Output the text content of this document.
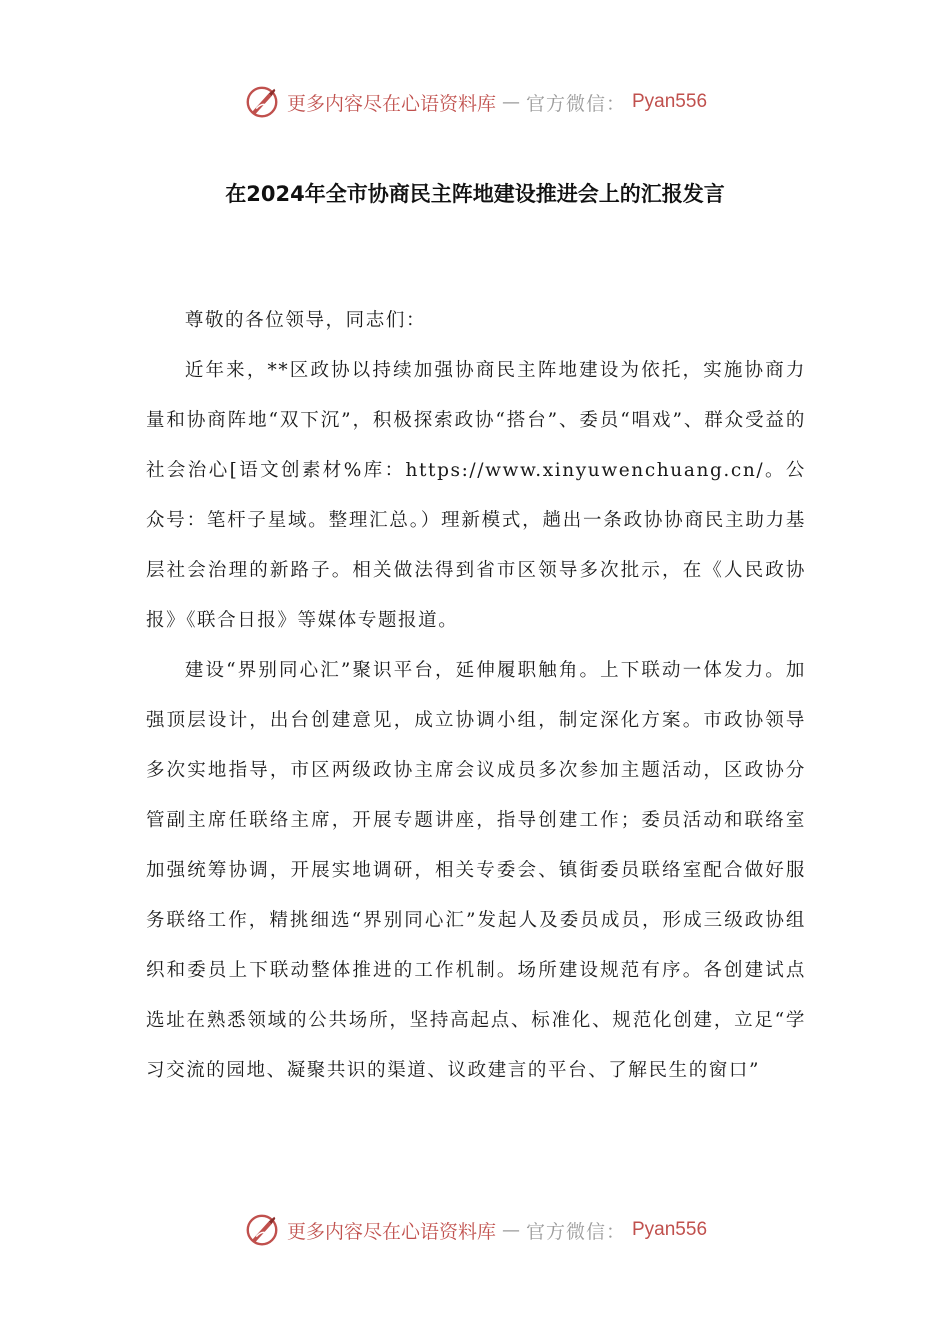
更多内容尽在心语资料库 — 官方微信： Pyan556
在2024年全市协商民主阵地建设推进会上的汇报发言

尊敬的各位领导，同志们：

近年来，**区政协以持续加强协商民主阵地建设为依托，实施协商力量和协商阵地“双下沉”，积极探索政协“搭台”、委员“唱戏”、群众受益的社会治心[语文创素材%库：https://www.xinyuwenchuang.cn/。公众号：笔杆子星域。整理汇总。）理新模式，趟出一条政协协商民主助力基层社会治理的新路子。相关做法得到省市区领导多次批示，在《人民政协报》《联合日报》等媒体专题报道。

建设“界别同心汇”聚识平台，延伸履职触角。上下联动一体发力。加强顶层设计，出台创建意见，成立协调小组，制定深化方案。市政协领导多次实地指导，市区两级政协主席会议成员多次参加主题活动，区政协分管副主席任联络主席，开展专题讲座，指导创建工作；委员活动和联络室加强统筹协调，开展实地调研，相关专委会、镇街委员联络室配合做好服务联络工作，精挑细选“界别同心汇”发起人及委员成员，形成三级政协组织和委员上下联动整体推进的工作机制。场所建设规范有序。各创建试点选址在熟悉领域的公共场所，坚持高起点、标准化、规范化创建，立足“学习交流的园地、凝聚共识的渠道、议政建言的平台、了解民生的窗口”

更多内容尽在心语资料库 — 官方微信： Pyan556
